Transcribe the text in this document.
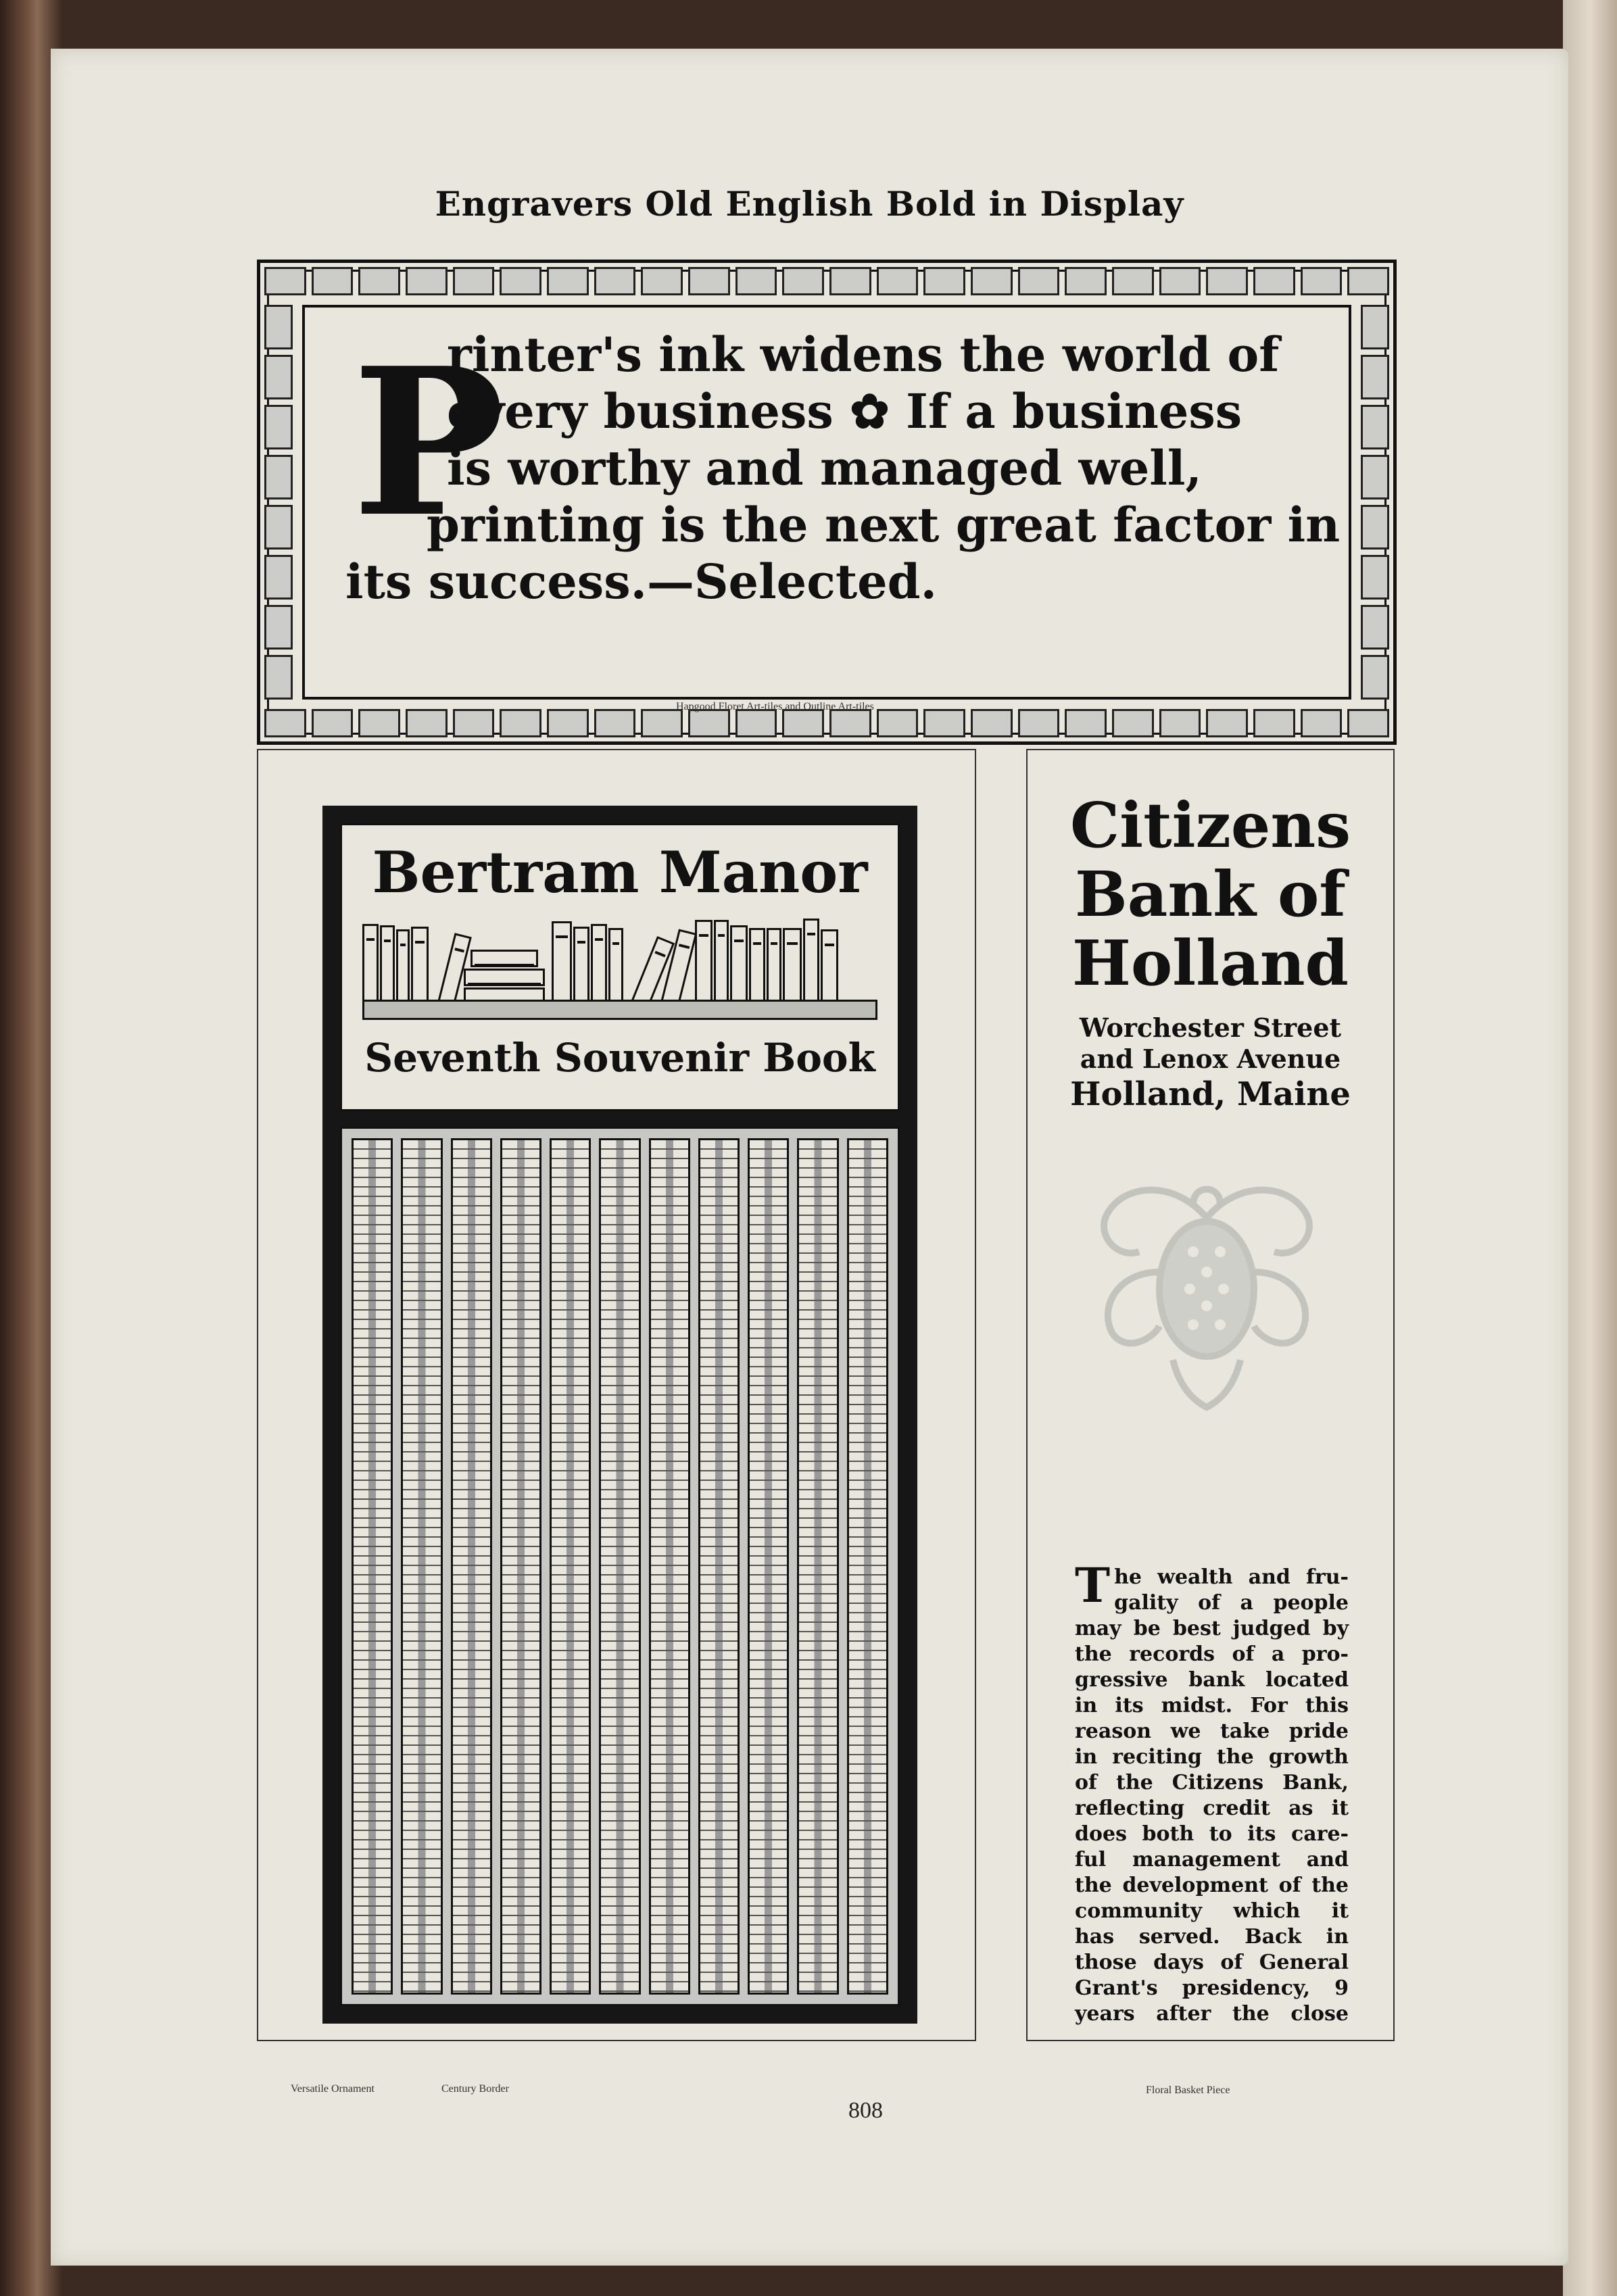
Engravers Old English Bold in Display
P
rinter's ink widens the world of
every business ✿ If a business
is worthy and managed well,
printing is the next great factor in
its success.—Selected.
Hapgood Floret Art-tiles and Outline Art-tiles
Bertram Manor
Seventh Souvenir Book
Versatile Ornament	Century Border
Citizens
Bank of
Holland
Worchester Street
and Lenox Avenue
Holland, Maine
T he wealth and fru-
gality of a people
may be best judged by
the records of a pro-
gressive bank located
in its midst. For this
reason we take pride
in reciting the growth
of the Citizens Bank,
reflecting credit as it
does both to its care-
ful management and
the development of the
community which it
has served. Back in
those days of General
Grant's presidency, 9
years after the close
Floral Basket Piece
808
